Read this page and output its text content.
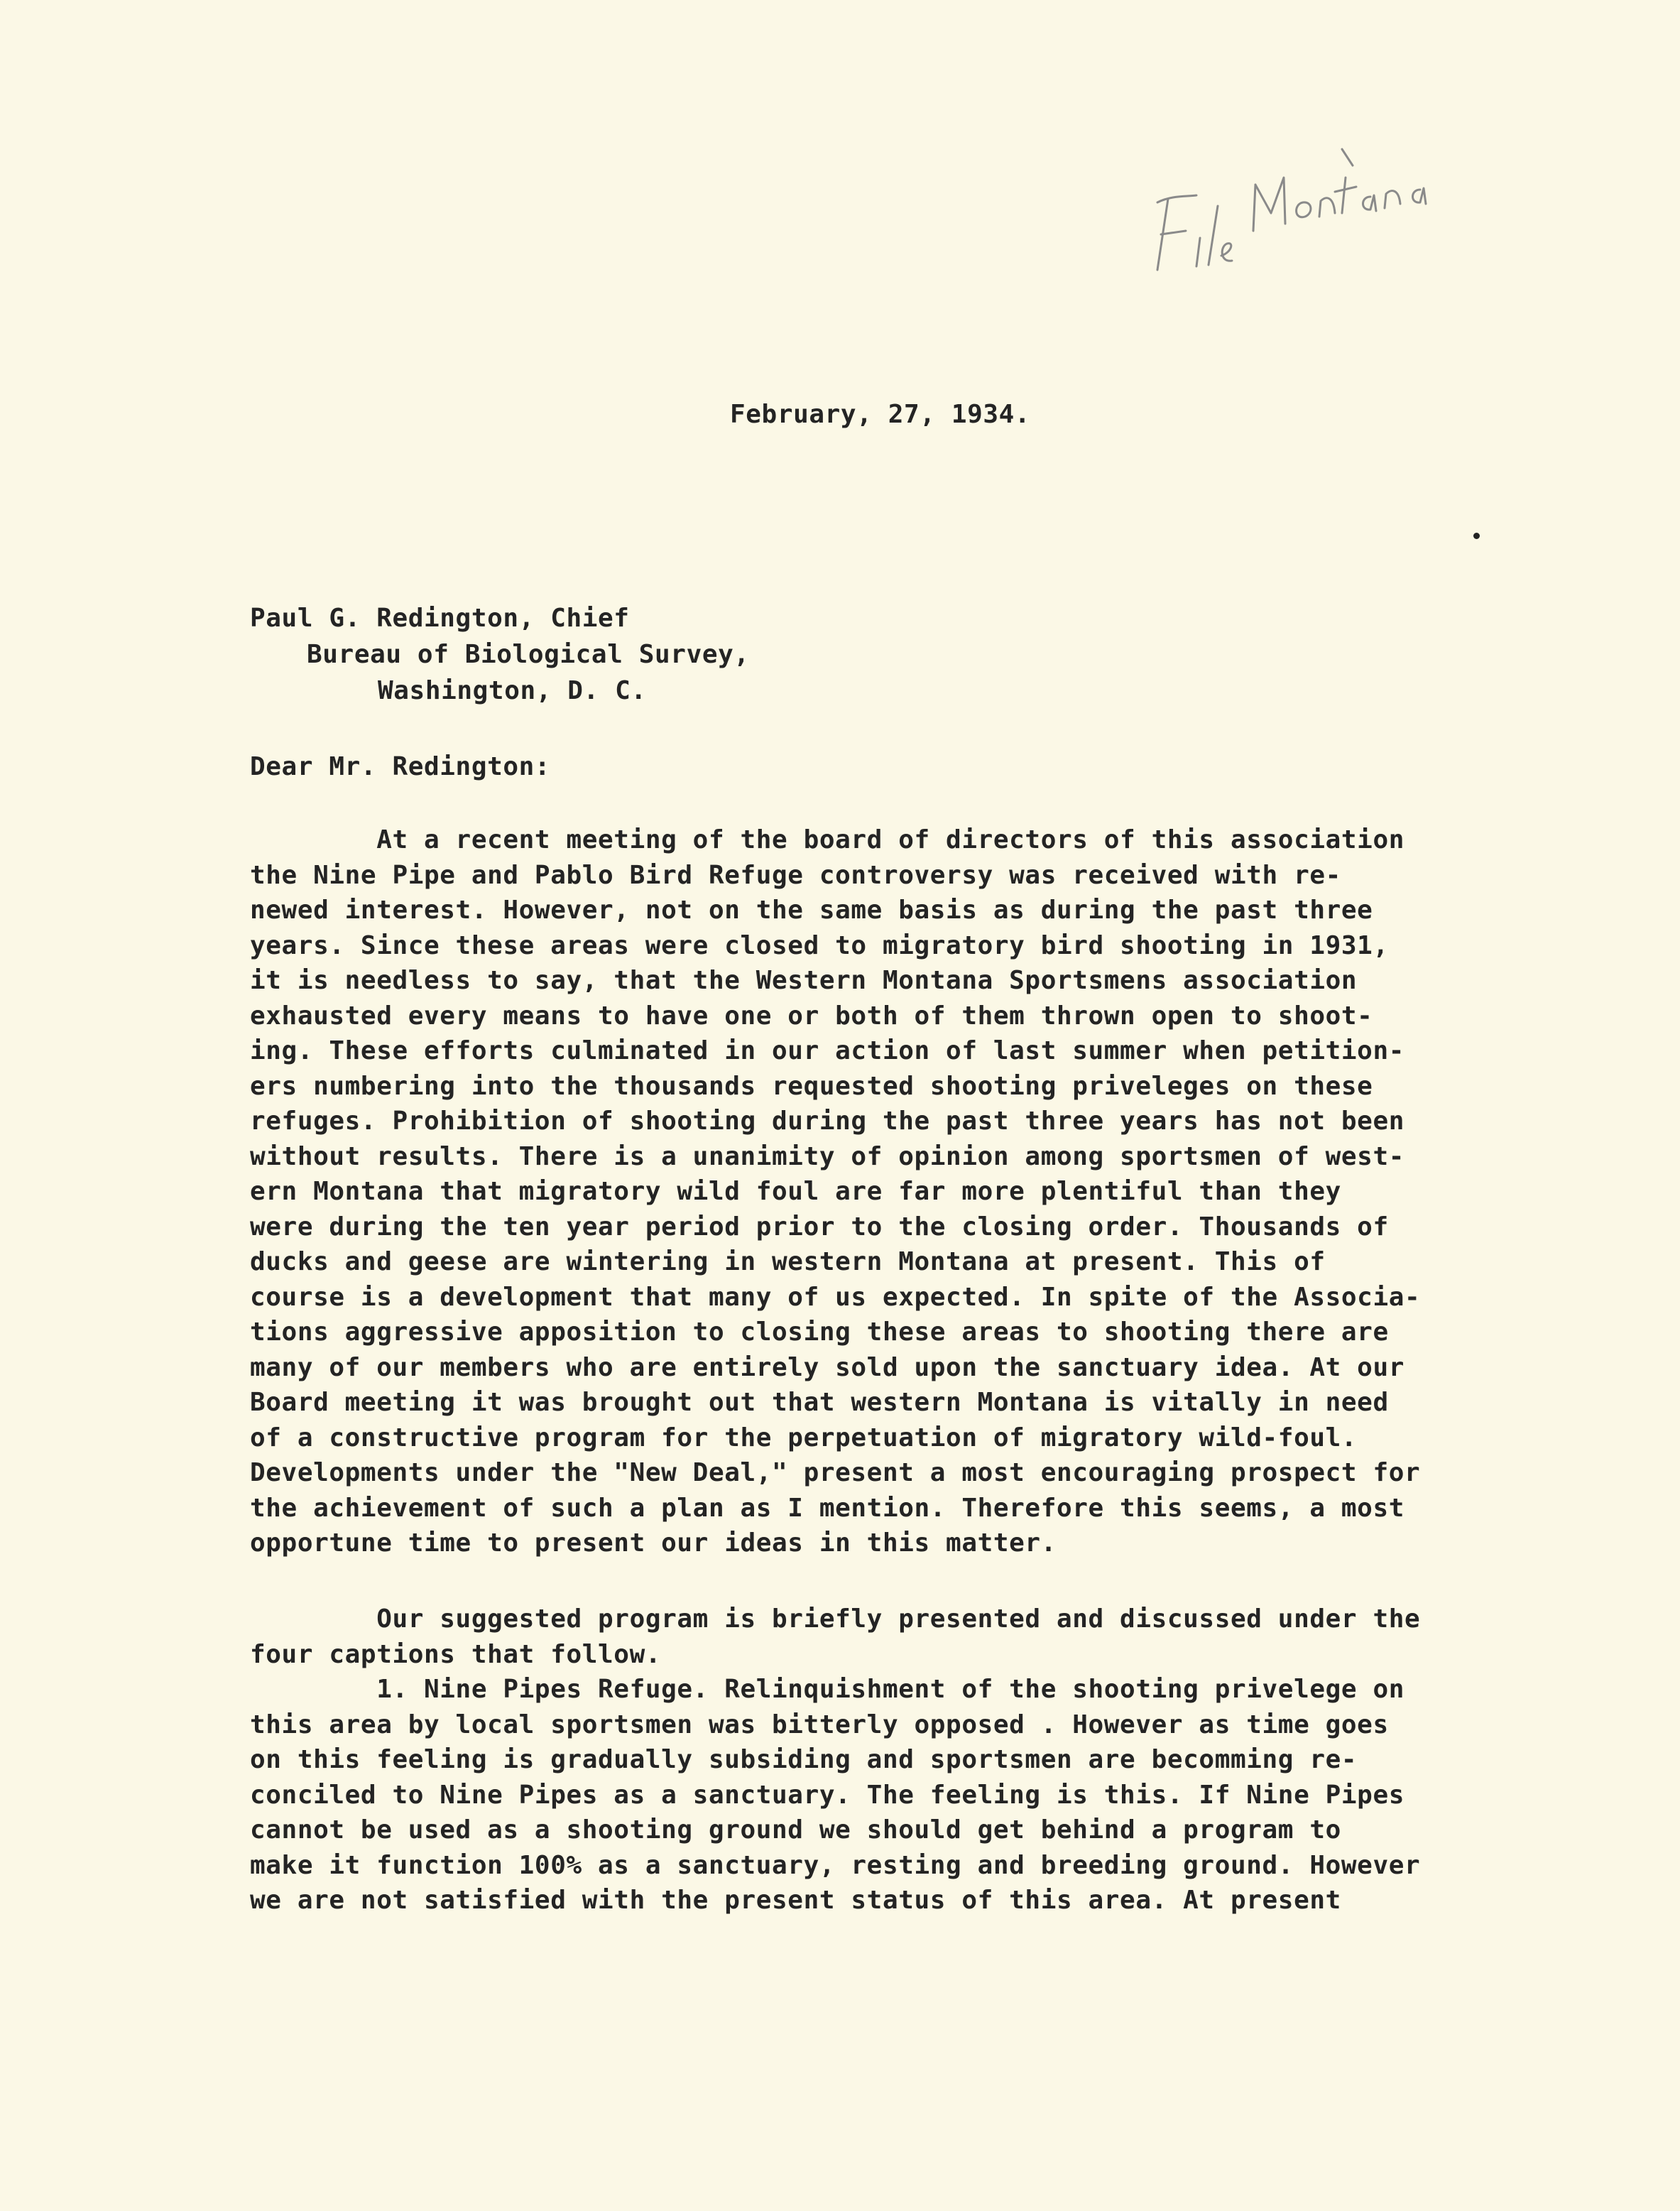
February, 27, 1934.

Paul G. Redington, Chief

Bureau of Biological Survey,

Washington, D. C.

Dear Mr. Redington:

At a recent meeting of the board of directors of this association
the Nine Pipe and Pablo Bird Refuge controversy was received with re-
newed interest. However, not on the same basis as during the past three
years. Since these areas were closed to migratory bird shooting in 1931,
it is needless to say, that the Western Montana Sportsmens association
exhausted every means to have one or both of them thrown open to shoot-
ing. These efforts culminated in our action of last summer when petition-
ers numbering into the thousands requested shooting priveleges on these
refuges. Prohibition of shooting during the past three years has not been
without results. There is a unanimity of opinion among sportsmen of west-
ern Montana that migratory wild foul are far more plentiful than they
were during the ten year period prior to the closing order. Thousands of
ducks and geese are wintering in western Montana at present. This of
course is a development that many of us expected. In spite of the Associa-
tions aggressive apposition to closing these areas to shooting there are
many of our members who are entirely sold upon the sanctuary idea. At our
Board meeting it was brought out that western Montana is vitally in need
of a constructive program for the perpetuation of migratory wild-foul.
Developments under the "New Deal," present a most encouraging prospect for
the achievement of such a plan as I mention. Therefore this seems, a most
opportune time to present our ideas in this matter.
Our suggested program is briefly presented and discussed under the
four captions that follow.
1. Nine Pipes Refuge. Relinquishment of the shooting privelege on
this area by local sportsmen was bitterly opposed . However as time goes
on this feeling is gradually subsiding and sportsmen are becomming re-
conciled to Nine Pipes as a sanctuary. The feeling is this. If Nine Pipes
cannot be used as a shooting ground we should get behind a program to
make it function 100% as a sanctuary, resting and breeding ground. However
we are not satisfied with the present status of this area. At present
